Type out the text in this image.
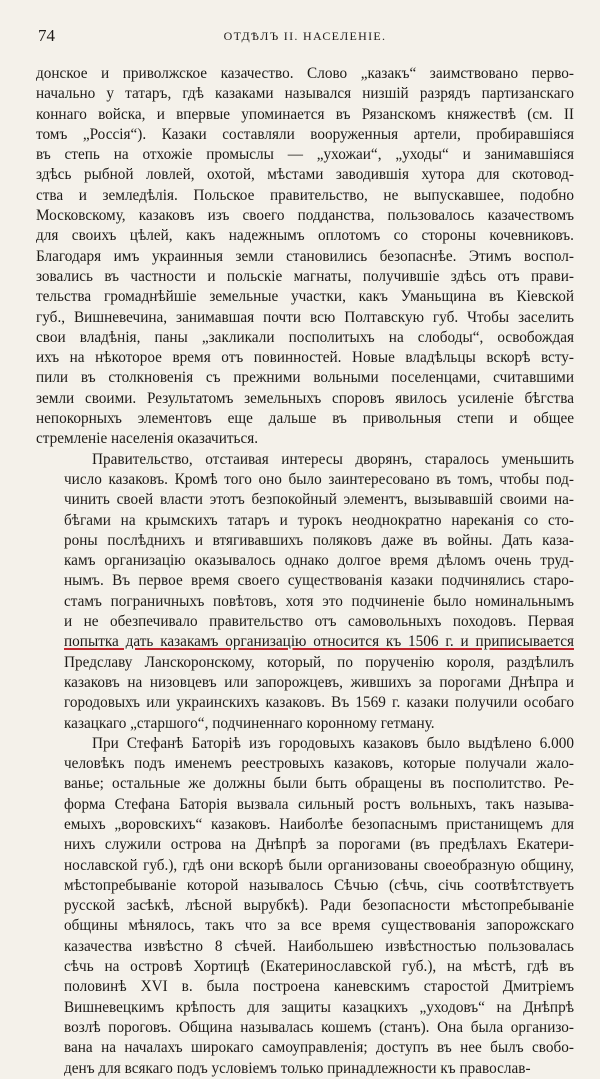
74	ОТДѢЛЪ II. НАСЕЛЕНІЕ.
донское и приволжское казачество. Слово „казакъ“ заимствовано перво-
начально у татаръ, гдѣ казаками назывался низшій разрядъ партизанскаго
коннаго войска, и впервые упоминается въ Рязанскомъ княжествѣ (см. II
томъ „Россія“). Казаки составляли вооруженныя артели, пробиравшіяся
въ степь на отхожіе промыслы — „ухожаи“, „уходы“ и занимавшіяся
здѣсь рыбной ловлей, охотой, мѣстами заводившія хутора для скотовод-
ства и земледѣлія. Польское правительство, не выпускавшее, подобно
Московскому, казаковъ изъ своего подданства, пользовалось казачествомъ
для своихъ цѣлей, какъ надежнымъ оплотомъ со стороны кочевниковъ.
Благодаря имъ украинныя земли становились безопаснѣе. Этимъ воспол-
зовались въ частности и польскіе магнаты, получившіе здѣсь отъ прави-
тельства громаднѣйшіе земельные участки, какъ Уманьщина въ Кіевской
губ., Вишневечина, занимавшая почти всю Полтавскую губ. Чтобы заселить
свои владѣнія, паны „закликали посполитыхъ на слободы“, освобождая
ихъ на нѣкоторое время отъ повинностей. Новые владѣльцы вскорѣ всту-
пили въ столкновенія съ прежними вольными поселенцами, считавшими
земли своими. Результатомъ земельныхъ споровъ явилось усиленіе бѣгства
непокорныхъ элементовъ еще дальше въ привольныя степи и общее
стремленіе населенія оказачиться.
Правительство, отстаивая интересы дворянъ, старалось уменьшить
число казаковъ. Кромѣ того оно было заинтересовано въ томъ, чтобы под-
чинить своей власти этотъ безпокойный элементъ, вызывавшій своими на-
бѣгами на крымскихъ татаръ и турокъ неоднократно нареканія со сто-
роны послѣднихъ и втягивавшихъ поляковъ даже въ войны. Дать каза-
камъ организацію оказывалось однако долгое время дѣломъ очень труд-
нымъ. Въ первое время своего существованія казаки подчинялись старо-
стамъ пограничныхъ повѣтовъ, хотя это подчиненіе было номинальнымъ
и не обезпечивало правительство отъ самовольныхъ походовъ. Первая
попытка дать казакамъ организацію относится къ 1506 г. и приписывается
Предславу Ланскоронскому, который, по порученію короля, раздѣлилъ
казаковъ на низовцевъ или запорожцевъ, жившихъ за порогами Днѣпра и
городовыхъ или украинскихъ казаковъ. Въ 1569 г. казаки получили особаго
казацкаго „старшого“, подчиненнаго коронному гетману.
При Стефанѣ Баторіѣ изъ городовыхъ казаковъ было выдѣлено 6.000
человѣкъ подъ именемъ реестровыхъ казаковъ, которые получали жало-
ванье; остальные же должны были быть обращены въ посполитство. Ре-
форма Стефана Баторія вызвала сильный ростъ вольныхъ, такъ называ-
емыхъ „воровскихъ“ казаковъ. Наиболѣе безопаснымъ пристанищемъ для
нихъ служили острова на Днѣпрѣ за порогами (въ предѣлахъ Екатери-
нославской губ.), гдѣ они вскорѣ были организованы своеобразную общину,
мѣстопребываніе которой называлось Сѣчью (сѣчь, січь соотвѣтствуетъ
русской засѣкѣ, лѣсной вырубкѣ). Ради безопасности мѣстопребываніе
общины мѣнялось, такъ что за все время существованія запорожскаго
казачества извѣстно 8 сѣчей. Наибольшею извѣстностью пользовалась
сѣчь на островѣ Хортицѣ (Екатеринославской губ.), на мѣстѣ, гдѣ въ
половинѣ XVI в. была построена каневскимъ старостой Дмитріемъ
Вишневецкимъ крѣпость для защиты казацкихъ „уходовъ“ на Днѣпрѣ
возлѣ пороговъ. Община называлась кошемъ (станъ). Она была организо-
вана на началахъ широкаго самоуправленія; доступъ въ нее былъ свобо-
денъ для всякаго подъ условіемъ только принадлежности къ православ-
